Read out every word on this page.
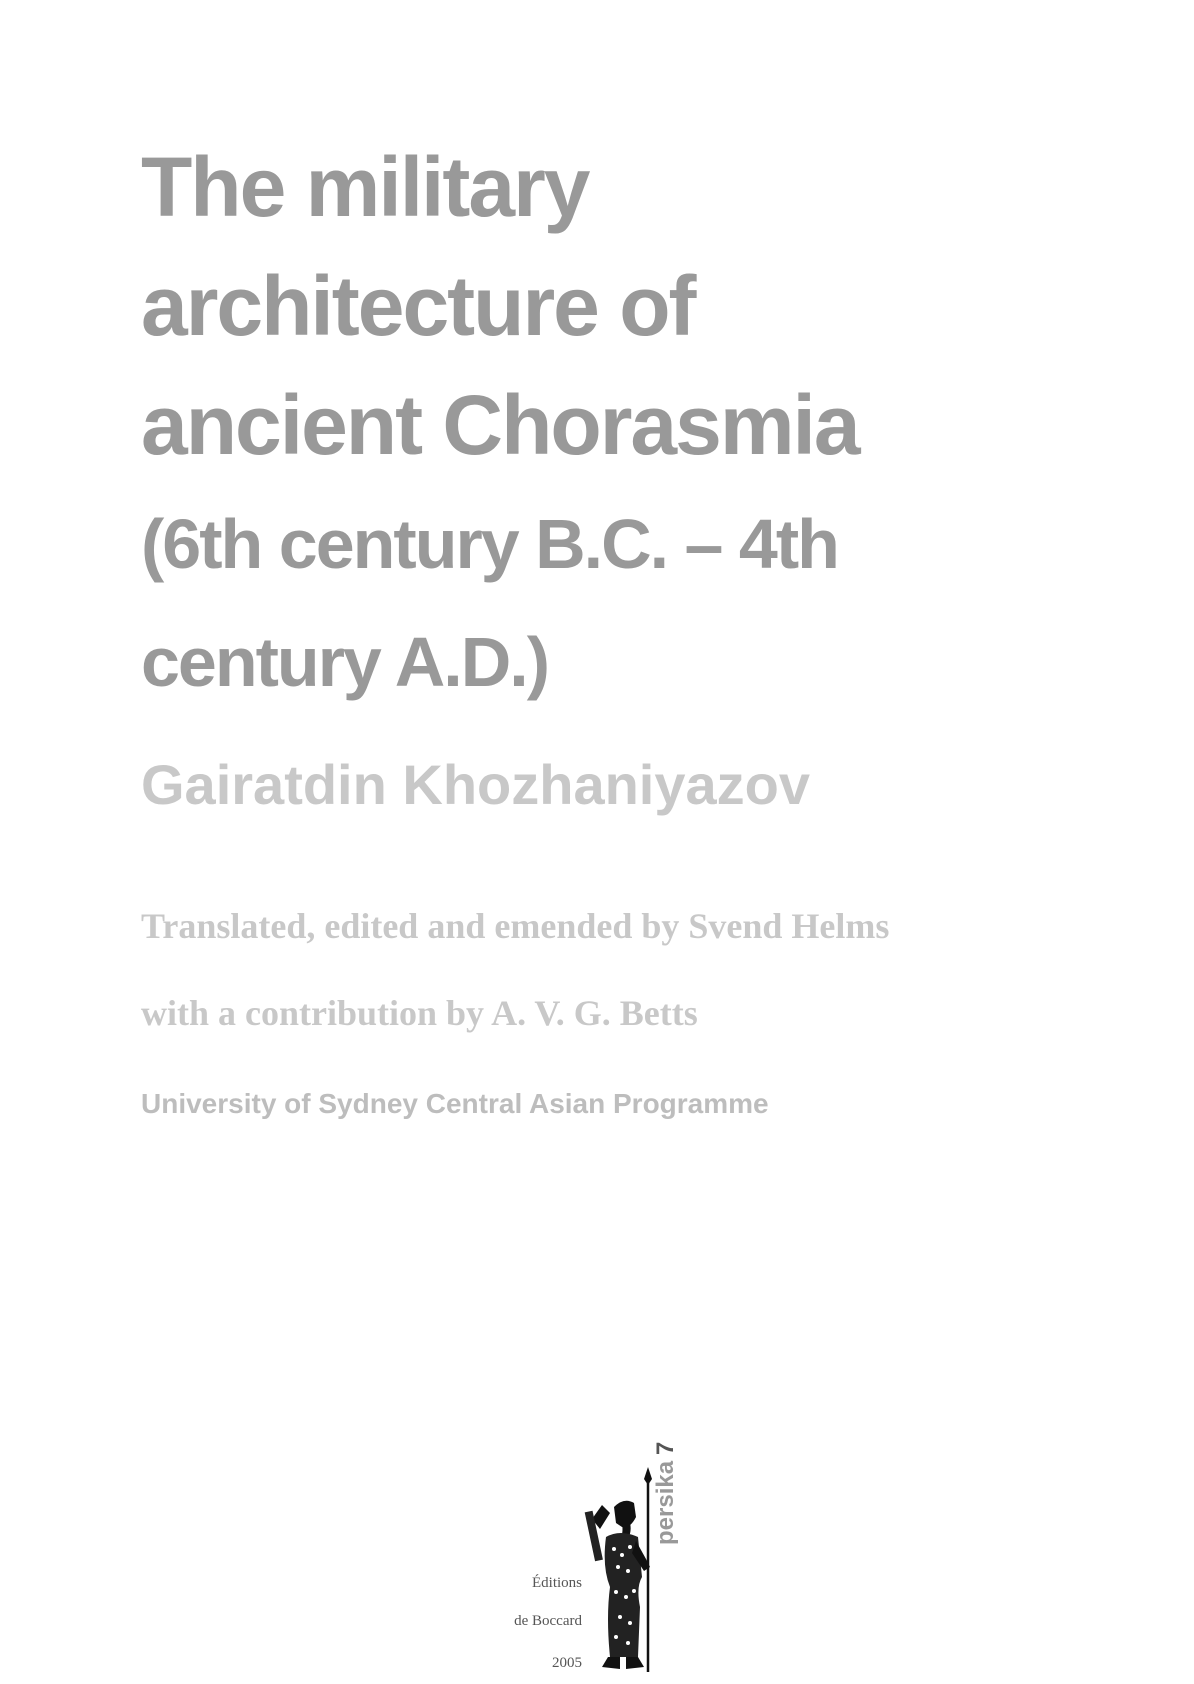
The military
architecture of
ancient Chorasmia
(6th century B.C. – 4th
century A.D.)
Gairatdin Khozhaniyazov
Translated, edited and emended by Svend Helms
with a contribution by A. V. G. Betts
University of Sydney Central Asian Programme
Éditions
de Boccard
2005
persika7
